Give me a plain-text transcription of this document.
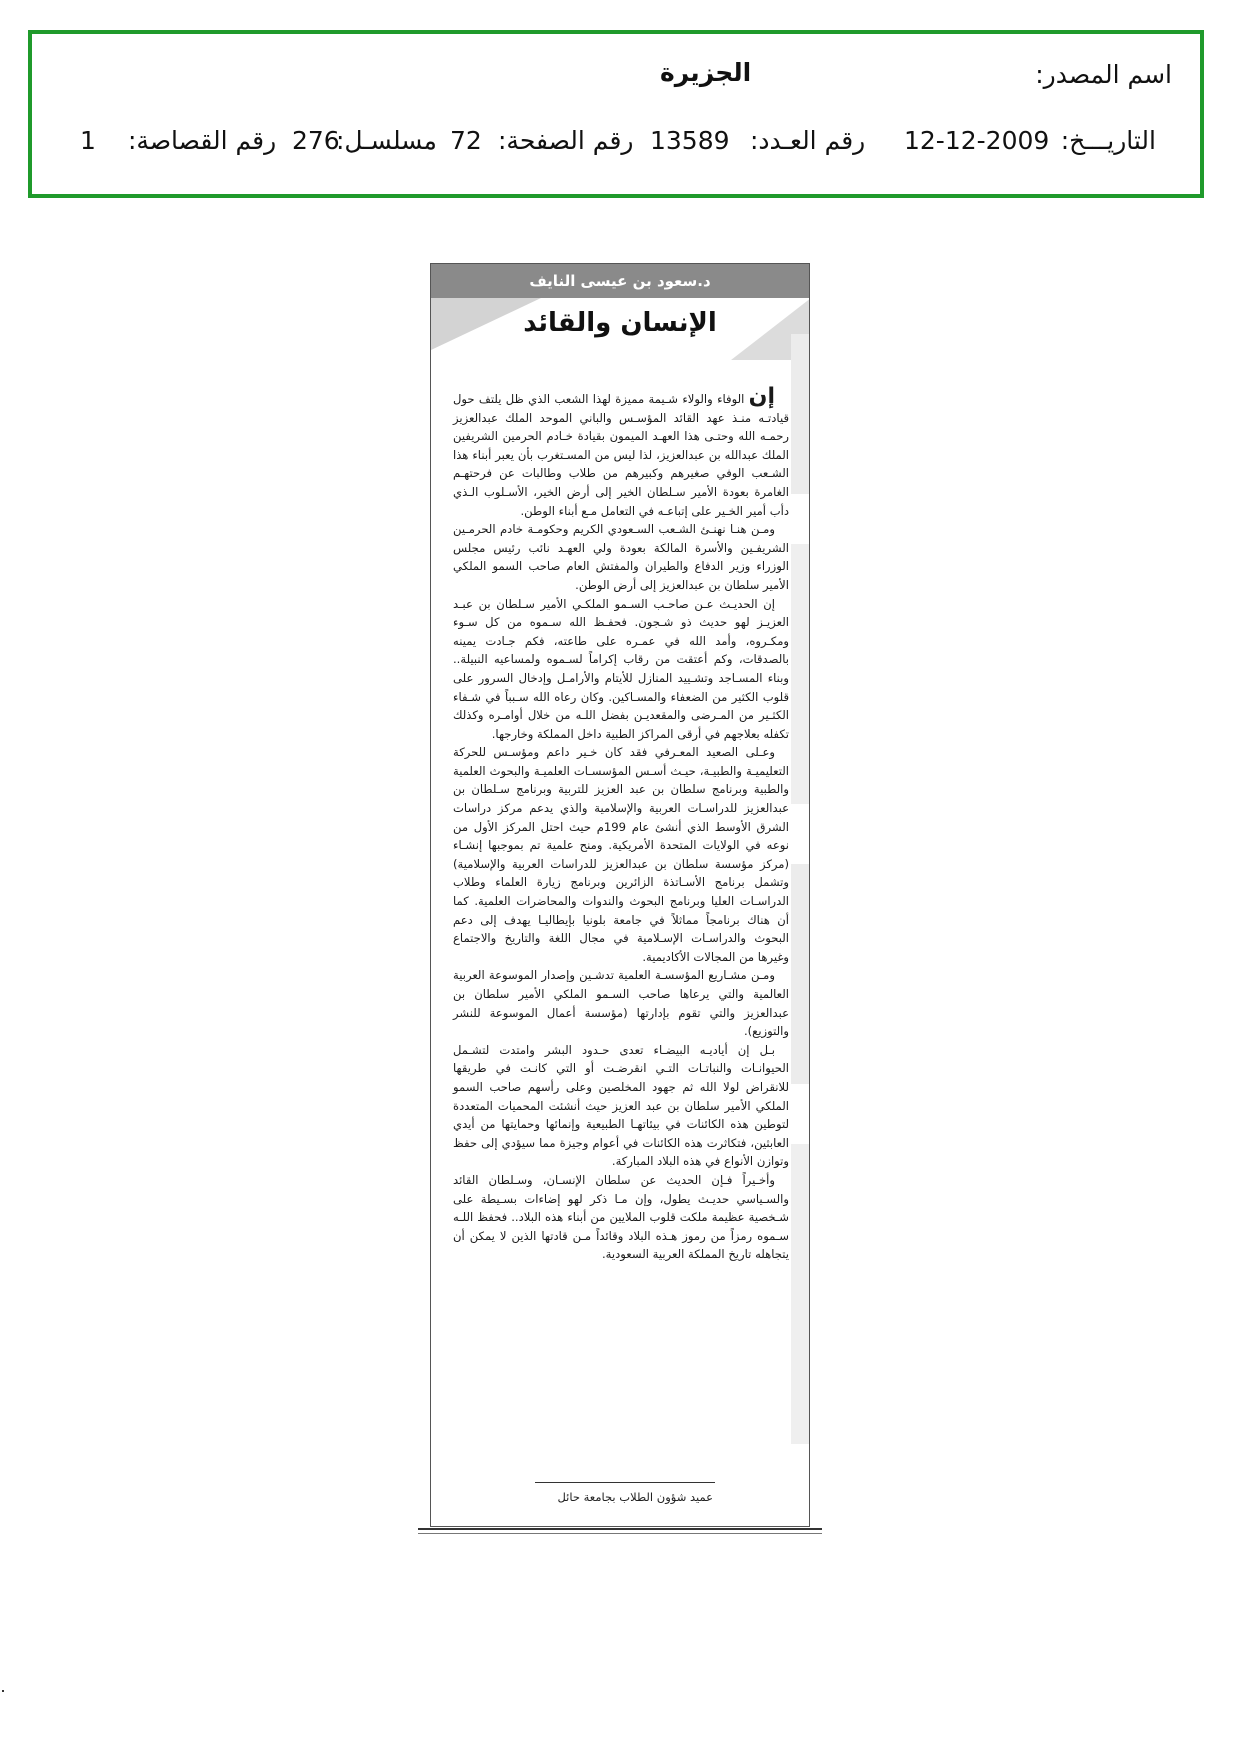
اسم المصدر:
الجزيرة
التاريـــخ:
12-12-2009
رقم العـدد:
13589
رقم الصفحة:
72
مسلسـل:
276
رقم القصاصة:
1
د.سعود بن عيسى النايف
الإنسان والقائد

إن الوفاء والولاء شـيمة مميزة لهذا الشعب الذي ظل يلتف حول قيادتـه منـذ عهد القائد المؤسـس والباني الموحد الملك عبدالعزيز رحمـه الله وحتـى هذا العهـد الميمون بقيادة خـادم الحرمين الشريفين الملك عبدالله بن عبدالعزيز، لذا ليس من المسـتغرب بأن يعبر أبناء هذا الشـعب الوفي صغيرهم وكبيرهم من طلاب وطالبات عن فرحتهـم الغامرة بعودة الأمير سـلطان الخير إلى أرض الخير، الأسـلوب الـذي دأب أمير الخـير على إتباعـه في التعامل مـع أبناء الوطن.

ومـن هنـا نهنـئ الشـعب السـعودي الكريم وحكومـة خادم الحرمـين الشريفـين والأسرة المالكة بعودة ولي العهـد نائب رئيس مجلس الوزراء وزير الدفاع والطيران والمفتش العام صاحب السمو الملكي الأمير سلطان بن عبدالعزيز إلى أرض الوطن.

إن الحديـث عـن صاحـب السـمو الملكـي الأمير سـلطان بن عبـد العزيـز لهو حديث ذو شـجون. فحفـظ الله سـموه من كل سـوء ومكـروه، وأمد الله في عمـره على طاعته، فكم جـادت يمينه بالصدقات، وكم أعتقت من رقاب إكراماً لسـموه ولمساعيه النبيلة.. وبناء المسـاجد وتشـييد المنازل للأيتام والأرامـل وإدخال السرور على قلوب الكثير من الضعفاء والمسـاكين. وكان رعاه الله سـبباً في شـفاء الكثـير من المـرضى والمقعديـن بفضل اللـه من خلال أوامـره وكذلك تكفله بعلاجهم في أرقى المراكز الطبية داخل المملكة وخارجها.

وعـلى الصعيد المعـرفي فقد كان خـير داعم ومؤسـس للحركة التعليميـة والطبيـة، حيـث أسـس المؤسسـات العلميـة والبحوث العلمية والطبية وبرنامج سلطان بن عبد العزيز للتربية وبرنامج سـلطان بن عبدالعزيز للدراسـات العربية والإسلامية والذي يدعم مركز دراسات الشرق الأوسط الذي أنشئ عام 199م حيث احتل المركز الأول من نوعه في الولايات المتحدة الأمريكية. ومنح علمية تم بموجبها إنشـاء (مركز مؤسسة سلطان بن عبدالعزيز للدراسات العربية والإسلامية) وتشمل برنامج الأسـاتذة الزائرين وبرنامج زيارة العلماء وطلاب الدراسـات العليا وبرنامج البحوث والندوات والمحاضرات العلمية. كما أن هناك برنامجاً مماثلاً في جامعة بلونيا بإيطاليـا يهدف إلى دعم البحوث والدراسـات الإسـلامية في مجال اللغة والتاريخ والاجتماع وغيرها من المجالات الأكاديمية.

ومـن مشـاريع المؤسسـة العلمية تدشـين وإصدار الموسوعة العربية العالمية والتي يرعاها صاحب السـمو الملكي الأمير سلطان بن عبدالعزيز والتي تقوم بإدارتها (مؤسسة أعمال الموسوعة للنشر والتوزيع).

بـل إن أياديـه البيضـاء تعدى حـدود البشر وامتدت لتشـمل الحيوانـات والنباتـات التـي انقرضـت أو التي كانـت في طريقها للانقراض لولا الله ثم جهود المخلصين وعلى رأسهم صاحب السمو الملكي الأمير سلطان بن عبد العزيز حيث أنشئت المحميات المتعددة لتوطين هذه الكائنات في بيئاتهـا الطبيعية وإنمائها وحمايتها من أيدي العابثين، فتكاثرت هذه الكائنات في أعوام وجيزة مما سيؤدي إلى حفظ وتوازن الأنواع في هذه البلاد المباركة.

وأخـيراً فـإن الحديث عن سلطان الإنسـان، وسـلطان القائد والسـياسي حديـث يطول، وإن مـا ذكر لهو إضاءات بسـيطة على شـخصية عظيمة ملكت قلوب الملايين من أبناء هذه البلاد.. فحفظ اللـه سـموه رمزاً من رموز هـذه البلاد وقائداً مـن قادتها الذين لا يمكن أن يتجاهله تاريخ المملكة العربية السعودية.

عميد شؤون الطلاب بجامعة حائل
